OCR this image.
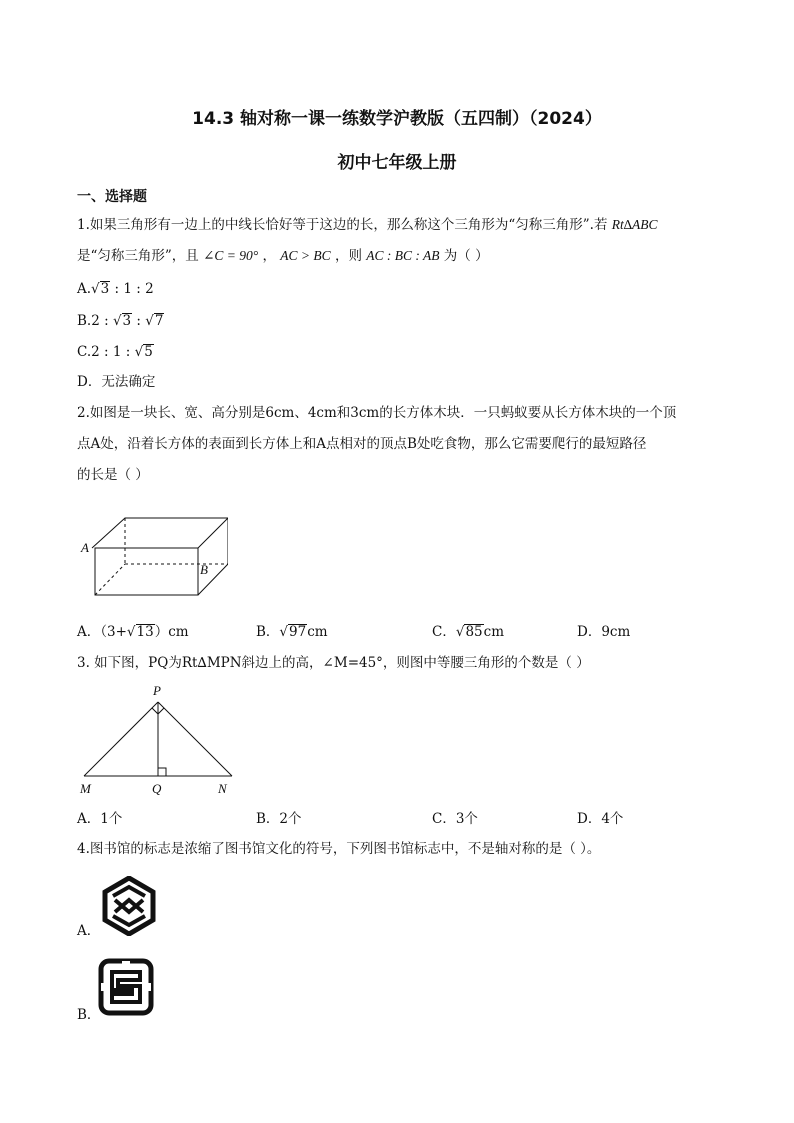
14.3 轴对称一课一练数学沪教版（五四制）（2024）
初中七年级上册
一、选择题
1.如果三角形有一边上的中线长恰好等于这边的长，那么称这个三角形为“匀称三角形”.若 Rt∆ABC
是“匀称三角形”，且 ∠C = 90° ， AC > BC ，则 AC : BC : AB 为（ ）
A.√3 : 1 : 2
B.2 : √3 : √7
C.2 : 1 : √5
D．无法确定
2.如图是一块长、宽、高分别是6cm、4cm和3cm的长方体木块．一只蚂蚁要从长方体木块的一个顶
点A处，沿着长方体的表面到长方体上和A点相对的顶点B处吃食物，那么它需要爬行的最短路径
的长是（ ）
A
B
A．（3+√13）cm	B．√97cm	C．√85cm	D．9cm
3. 如下图，PQ为Rt∆MPN斜边上的高，∠M=45°，则图中等腰三角形的个数是（ ）
P
M	Q	N
A．1个	B．2个	C．3个	D．4个
4.图书馆的标志是浓缩了图书馆文化的符号，下列图书馆标志中，不是轴对称的是（ ）。
A．
B．
